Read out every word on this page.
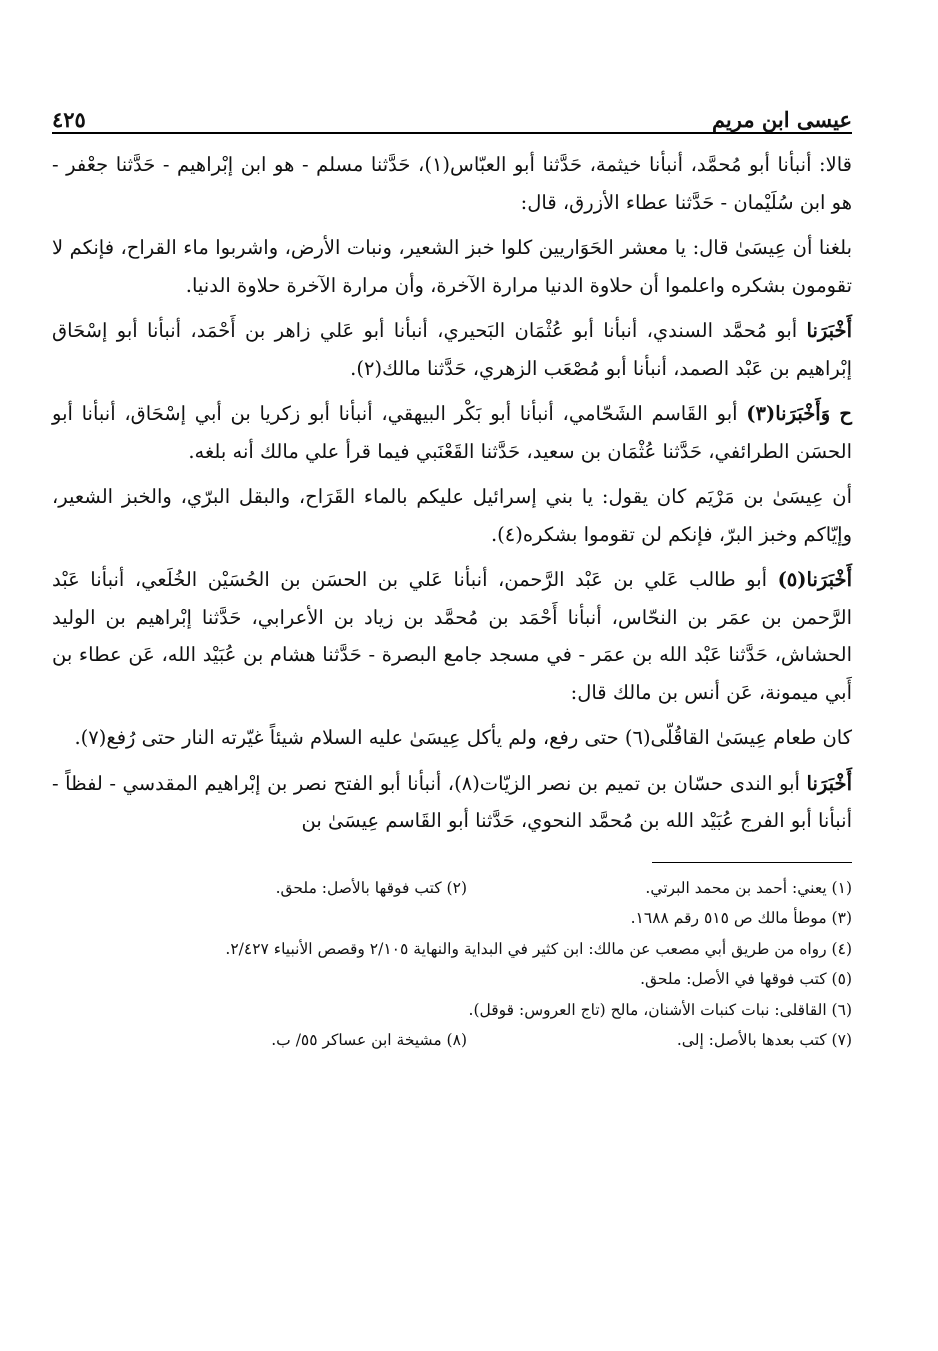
عيسى ابن مريم
٤٢٥

قالا: أنبأنا أبو مُحمَّد، أنبأنا خيثمة، حَدَّثنا أبو العبّاس(١)، حَدَّثنا مسلم - هو ابن إبْراهيم - حَدَّثنا جعْفر - هو ابن سُلَيْمان - حَدَّثنا عطاء الأزرق، قال:

بلغنا أن عِيسَىٰ قال: يا معشر الحَوَاريين كلوا خبز الشعير، ونبات الأرض، واشربوا ماء القراح، فإنكم لا تقومون بشكره واعلموا أن حلاوة الدنيا مرارة الآخرة، وأن مرارة الآخرة حلاوة الدنيا.

أَخْبَرَنا أبو مُحمَّد السندي، أنبأنا أبو عُثْمَان البَحيري، أنبأنا أبو عَلي زاهر بن أَحْمَد، أنبأنا أبو إسْحَاق إبْراهيم بن عَبْد الصمد، أنبأنا أبو مُصْعَب الزهري، حَدَّثنا مالك(٢).

ح وَأَخْبَرَنا(٣) أبو القَاسم الشَحّامي، أنبأنا أبو بَكْر البيهقي، أنبأنا أبو زكريا بن أبي إسْحَاق، أنبأنا أبو الحسَن الطرائفي، حَدَّثنا عُثْمَان بن سعيد، حَدَّثنا القَعْنَبي فيما قرأ علي مالك أنه بلغه.

أن عِيسَىٰ بن مَرْيَم كان يقول: يا بني إسرائيل عليكم بالماء القَرَاح، والبقل البرّي، والخبز الشعير، وإيّاكم وخبز البرّ، فإنكم لن تقوموا بشكره(٤).

أَخْبَرَنا(٥) أبو طالب عَلي بن عَبْد الرَّحمن، أنبأنا عَلي بن الحسَن بن الحُسَيْن الخُلَعي، أنبأنا عَبْد الرَّحمن بن عمَر بن النحّاس، أنبأنا أَحْمَد بن مُحمَّد بن زياد بن الأعرابي، حَدَّثنا إبْراهيم بن الوليد الحشاش، حَدَّثنا عَبْد الله بن عمَر - في مسجد جامع البصرة - حَدَّثنا هشام بن عُبَيْد الله، عَن عطاء بن أَبي ميمونة، عَن أنس بن مالك قال:

كان طعام عِيسَىٰ القاقُلّى(٦) حتى رفع، ولم يأكل عِيسَىٰ عليه السلام شيئاً غيّرته النار حتى رُفع(٧).

أَخْبَرَنا أبو الندى حسّان بن تميم بن نصر الزيّات(٨)، أنبأنا أبو الفتح نصر بن إبْراهيم المقدسي - لفظاً - أنبأنا أبو الفرج عُبَيْد الله بن مُحمَّد النحوي، حَدَّثنا أبو القَاسم عِيسَىٰ بن

(١) يعني: أحمد بن محمد البرتي.
(٢) كتب فوقها بالأصل: ملحق.
(٣) موطأ مالك ص ٥١٥ رقم ١٦٨٨.
(٤) رواه من طريق أبي مصعب عن مالك: ابن كثير في البداية والنهاية ٢/١٠٥ وقصص الأنبياء ٢/٤٢٧.
(٥) كتب فوقها في الأصل: ملحق.
(٦) القاقلى: نبات كنبات الأشنان، مالح (تاج العروس: قوقل).
(٧) كتب بعدها بالأصل: إلى.
(٨) مشيخة ابن عساكر ٥٥/ ب.
